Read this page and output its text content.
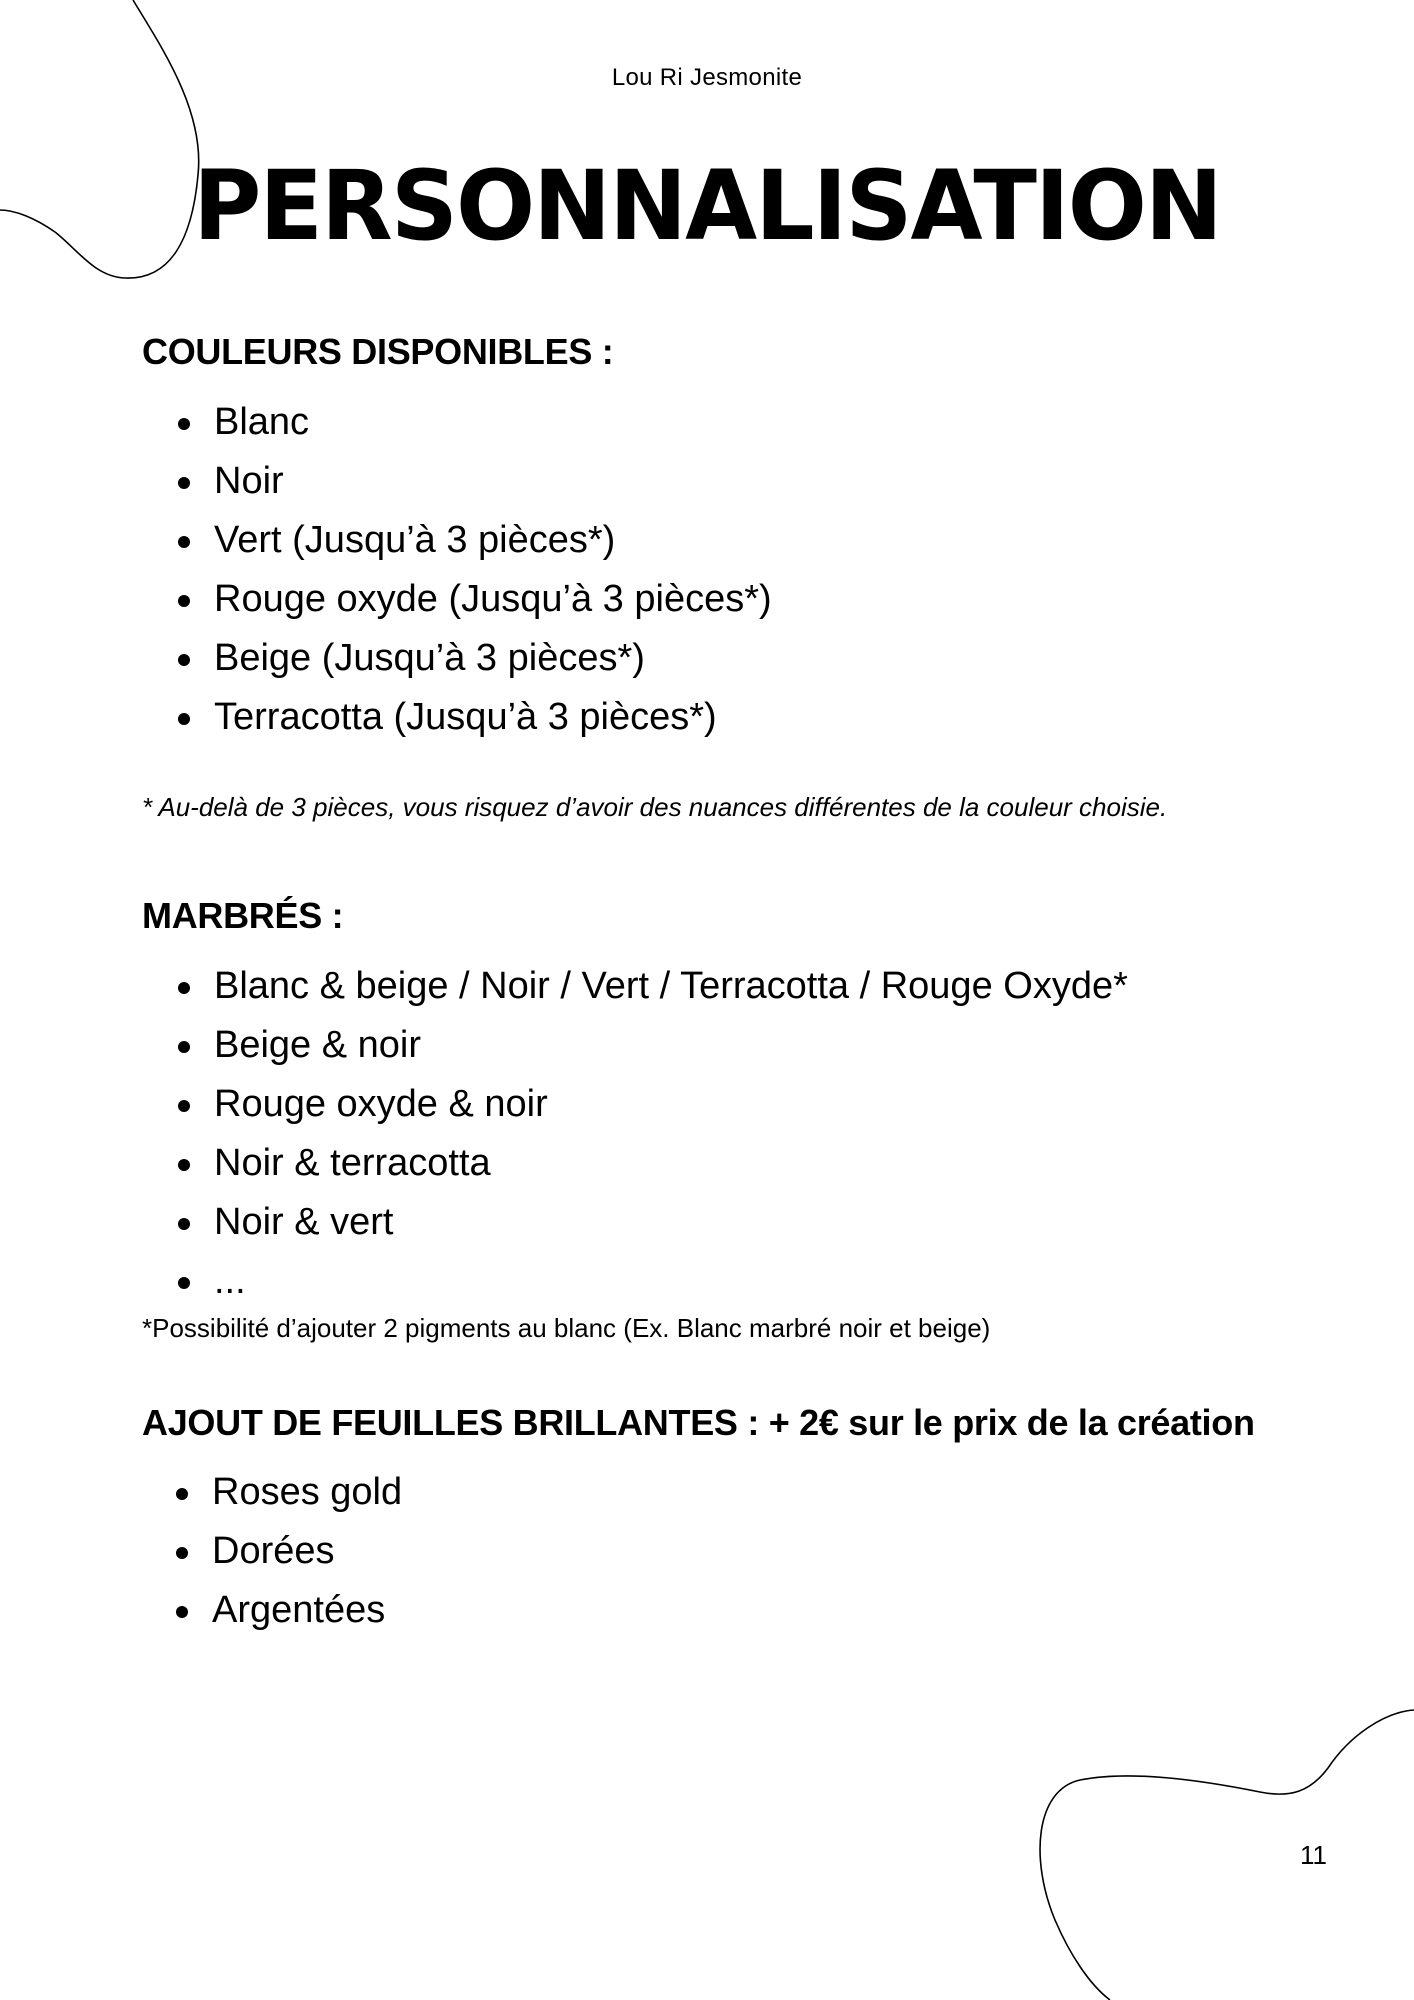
Lou Ri Jesmonite
PERSONNALISATION
COULEURS DISPONIBLES :
Blanc
Noir
Vert (Jusqu’à 3 pièces*)
Rouge oxyde (Jusqu’à 3 pièces*)
Beige (Jusqu’à 3 pièces*)
Terracotta (Jusqu’à 3 pièces*)
* Au-delà de 3 pièces, vous risquez d’avoir des nuances différentes de la couleur choisie.
MARBRÉS :
Blanc & beige / Noir / Vert / Terracotta / Rouge Oxyde*
Beige & noir
Rouge oxyde & noir
Noir & terracotta
Noir & vert
...
*Possibilité d’ajouter 2 pigments au blanc (Ex. Blanc marbré noir et beige)
AJOUT DE FEUILLES BRILLANTES : + 2€ sur le prix de la création
Roses gold
Dorées
Argentées
11
